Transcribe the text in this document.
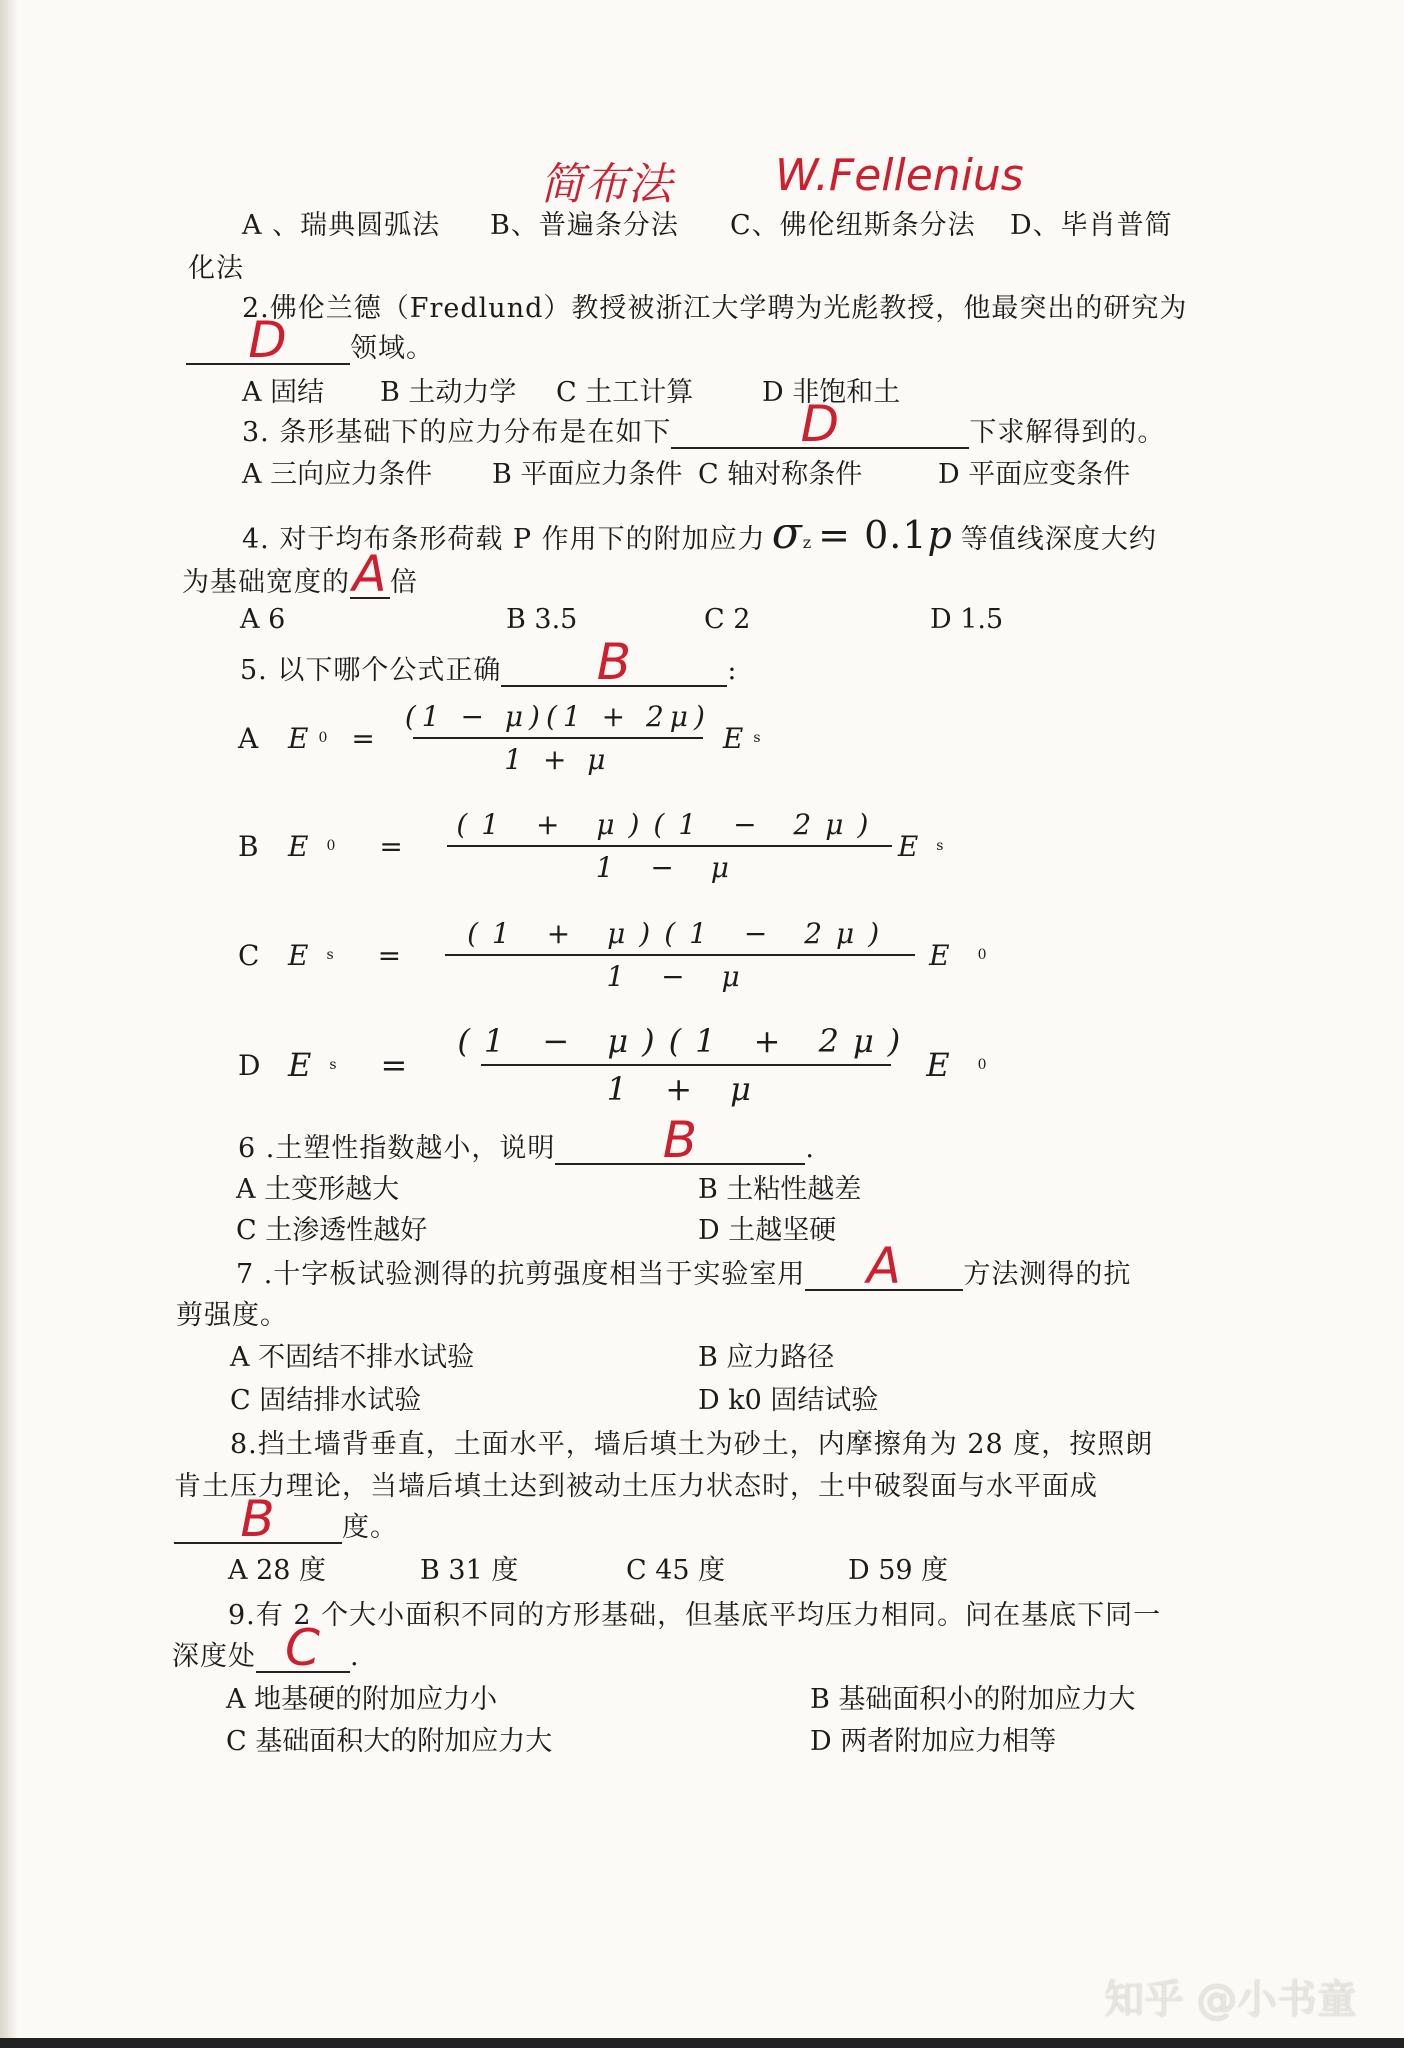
简布法 W.Fellenius
A 、瑞典圆弧法 B、普遍条分法 C、佛伦纽斯条分法 D、毕肖普简
化法
2.佛伦兰德（Fredlund）教授被浙江大学聘为光彪教授，他最突出的研究为
D 领域。
A 固结 B 土动力学 C 土工计算	D 非饱和土
3. 条形基础下的应力分布是在如下	D	下求解得到的。
A 三向应力条件 B 平面应力条件 C 轴对称条件	D 平面应变条件
4. 对于均布条形荷载 P 作用下的附加应力 σ z = 0.1 p 等值线深度大约
为基础宽度的 A 倍
A 6	B 3.5	C 2	D 1.5
5. 以下哪个公式正确 B	:
A E $0 = \frac{(1 - \mu)(1 + 2\mu)}{1 + \mu}$ E s
B E $0 = \frac{(1 + \mu)(1 - 2\mu)}{1 - \mu}$ E s
C E $s = \frac{(1 + \mu)(1 - 2\mu)}{1 - \mu}$ E 0
D E $s = \frac{(1 - \mu)(1 + 2\mu)}{1 + \mu}$ E 0
6 .土塑性指数越小，说明 B	.
A 土变形越大	B 土粘性越差
C 土渗透性越好	D 土越坚硬
7 .十字板试验测得的抗剪强度相当于实验室用 A 方法测得的抗
剪强度。
A 不固结不排水试验	B 应力路径
C 固结排水试验	D k0 固结试验
8.挡土墙背垂直，土面水平，墙后填土为砂土，内摩擦角为 28 度，按照朗
肯土压力理论，当墙后填土达到被动土压力状态时，土中破裂面与水平面成
B 度。
A 28 度	B 31 度	C 45 度	D 59 度
9.有 2 个大小面积不同的方形基础，但基底平均压力相同。问在基底下同一
深度处 C .
A 地基硬的附加应力小	B 基础面积小的附加应力大
C 基础面积大的附加应力大	D 两者附加应力相等
知乎 @小书童
